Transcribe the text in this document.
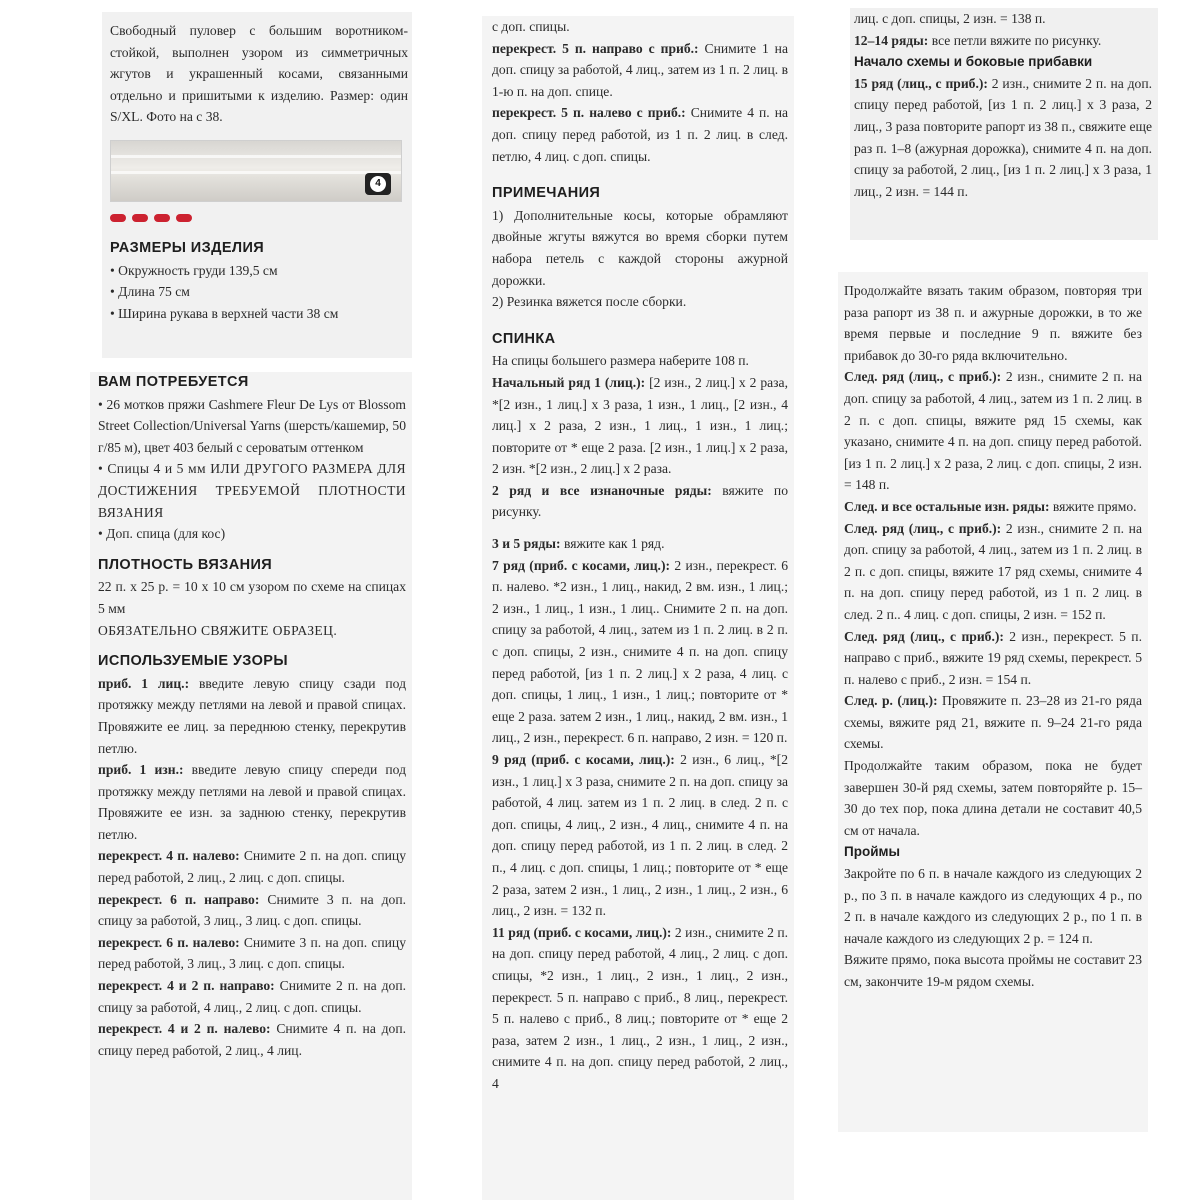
Свободный пуловер с большим воротником-стойкой, выполнен узором из симметричных жгутов и украшенный косами, связанными отдельно и пришитыми к изделию. Размер: один S/XL. Фото на с 38.

4

РАЗМЕРЫ ИЗДЕЛИЯ

• Окружность груди 139,5 см

• Длина 75 см

• Ширина рукава в верхней части 38 см

ВАМ ПОТРЕБУЕТСЯ

• 26 мотков пряжи Cashmere Fleur De Lys от Blossom Street Collection/Universal Yarns (шерсть/кашемир, 50 г/85 м), цвет 403 белый с сероватым оттенком

• Спицы 4 и 5 мм ИЛИ ДРУГОГО РАЗМЕРА ДЛЯ ДОСТИЖЕНИЯ ТРЕБУЕМОЙ ПЛОТНОСТИ ВЯЗАНИЯ

• Доп. спица (для кос)

ПЛОТНОСТЬ ВЯЗАНИЯ

22 п. х 25 р. = 10 х 10 см узором по схеме на спицах 5 мм

ОБЯЗАТЕЛЬНО СВЯЖИТЕ ОБРАЗЕЦ.

ИСПОЛЬЗУЕМЫЕ УЗОРЫ

приб. 1 лиц.: введите левую спицу сзади под протяжку между петлями на левой и правой спицах. Провяжите ее лиц. за переднюю стенку, перекрутив петлю.

приб. 1 изн.: введите левую спицу спереди под протяжку между петлями на левой и правой спицах. Провяжите ее изн. за заднюю стенку, перекрутив петлю.

перекрест. 4 п. налево: Снимите 2 п. на доп. спицу перед работой, 2 лиц., 2 лиц. с доп. спицы.

перекрест. 6 п. направо: Снимите 3 п. на доп. спицу за работой, 3 лиц., 3 лиц. с доп. спицы.

перекрест. 6 п. налево: Снимите 3 п. на доп. спицу перед работой, 3 лиц., 3 лиц. с доп. спицы.

перекрест. 4 и 2 п. направо: Снимите 2 п. на доп. спицу за работой, 4 лиц., 2 лиц. с доп. спицы.

перекрест. 4 и 2 п. налево: Снимите 4 п. на доп. спицу перед работой, 2 лиц., 4 лиц.

с доп. спицы.

перекрест. 5 п. направо с приб.: Снимите 1 на доп. спицу за работой, 4 лиц., затем из 1 п. 2 лиц. в 1-ю п. на доп. спице.

перекрест. 5 п. налево с приб.: Снимите 4 п. на доп. спицу перед работой, из 1 п. 2 лиц. в след. петлю, 4 лиц. с доп. спицы.

ПРИМЕЧАНИЯ

1) Дополнительные косы, которые обрамляют двойные жгуты вяжутся во время сборки путем набора петель с каждой стороны ажурной дорожки.

2) Резинка вяжется после сборки.

СПИНКА

На спицы большего размера наберите 108 п.

Начальный ряд 1 (лиц.): [2 изн., 2 лиц.] х 2 раза, *[2 изн., 1 лиц.] х 3 раза, 1 изн., 1 лиц., [2 изн., 4 лиц.] х 2 раза, 2 изн., 1 лиц., 1 изн., 1 лиц.; повторите от * еще 2 раза. [2 изн., 1 лиц.] х 2 раза, 2 изн. *[2 изн., 2 лиц.] х 2 раза.

2 ряд и все изнаночные ряды: вяжите по рисунку.

3 и 5 ряды: вяжите как 1 ряд.

7 ряд (приб. с косами, лиц.): 2 изн., перекрест. 6 п. налево. *2 изн., 1 лиц., накид, 2 вм. изн., 1 лиц.; 2 изн., 1 лиц., 1 изн., 1 лиц.. Снимите 2 п. на доп. спицу за работой, 4 лиц., затем из 1 п. 2 лиц. в 2 п. с доп. спицы, 2 изн., снимите 4 п. на доп. спицу перед работой, [из 1 п. 2 лиц.] х 2 раза, 4 лиц. с доп. спицы, 1 лиц., 1 изн., 1 лиц.; повторите от * еще 2 раза. затем 2 изн., 1 лиц., накид, 2 вм. изн., 1 лиц., 2 изн., перекрест. 6 п. направо, 2 изн. = 120 п.

9 ряд (приб. с косами, лиц.): 2 изн., 6 лиц., *[2 изн., 1 лиц.] х 3 раза, снимите 2 п. на доп. спицу за работой, 4 лиц. затем из 1 п. 2 лиц. в след. 2 п. с доп. спицы, 4 лиц., 2 изн., 4 лиц., снимите 4 п. на доп. спицу перед работой, из 1 п. 2 лиц. в след. 2 п., 4 лиц. с доп. спицы, 1 лиц.; повторите от * еще 2 раза, затем 2 изн., 1 лиц., 2 изн., 1 лиц., 2 изн., 6 лиц., 2 изн. = 132 п.

11 ряд (приб. с косами, лиц.): 2 изн., снимите 2 п. на доп. спицу перед работой, 4 лиц., 2 лиц. с доп. спицы, *2 изн., 1 лиц., 2 изн., 1 лиц., 2 изн., перекрест. 5 п. направо с приб., 8 лиц., перекрест. 5 п. налево с приб., 8 лиц.; повторите от * еще 2 раза, затем 2 изн., 1 лиц., 2 изн., 1 лиц., 2 изн., снимите 4 п. на доп. спицу перед работой, 2 лиц., 4

лиц. с доп. спицы, 2 изн. = 138 п.

12–14 ряды: все петли вяжите по рисунку.

Начало схемы и боковые прибавки

15 ряд (лиц., с приб.): 2 изн., снимите 2 п. на доп. спицу перед работой, [из 1 п. 2 лиц.] х 3 раза, 2 лиц., 3 раза повторите рапорт из 38 п., свяжите еще раз п. 1–8 (ажурная дорожка), снимите 4 п. на доп. спицу за работой, 2 лиц., [из 1 п. 2 лиц.] х 3 раза, 1 лиц., 2 изн. = 144 п.

Продолжайте вязать таким образом, повторяя три раза рапорт из 38 п. и ажурные дорожки, в то же время первые и последние 9 п. вяжите без прибавок до 30-го ряда включительно.

След. ряд (лиц., с приб.): 2 изн., снимите 2 п. на доп. спицу за работой, 4 лиц., затем из 1 п. 2 лиц. в 2 п. с доп. спицы, вяжите ряд 15 схемы, как указано, снимите 4 п. на доп. спицу перед работой. [из 1 п. 2 лиц.] х 2 раза, 2 лиц. с доп. спицы, 2 изн. = 148 п.

След. и все остальные изн. ряды: вяжите прямо.

След. ряд (лиц., с приб.): 2 изн., снимите 2 п. на доп. спицу за работой, 4 лиц., затем из 1 п. 2 лиц. в 2 п. с доп. спицы, вяжите 17 ряд схемы, снимите 4 п. на доп. спицу перед работой, из 1 п. 2 лиц. в след. 2 п.. 4 лиц. с доп. спицы, 2 изн. = 152 п.

След. ряд (лиц., с приб.): 2 изн., перекрест. 5 п. направо с приб., вяжите 19 ряд схемы, перекрест. 5 п. налево с приб., 2 изн. = 154 п.

След. р. (лиц.): Провяжите п. 23–28 из 21-го ряда схемы, вяжите ряд 21, вяжите п. 9–24 21-го ряда схемы.

Продолжайте таким образом, пока не будет завершен 30-й ряд схемы, затем повторяйте р. 15–30 до тех пор, пока длина детали не составит 40,5 см от начала.

Проймы

Закройте по 6 п. в начале каждого из следующих 2 р., по 3 п. в начале каждого из следующих 4 р., по 2 п. в начале каждого из следующих 2 р., по 1 п. в начале каждого из следующих 2 р. = 124 п.

Вяжите прямо, пока высота проймы не составит 23 см, закончите 19-м рядом схемы.
